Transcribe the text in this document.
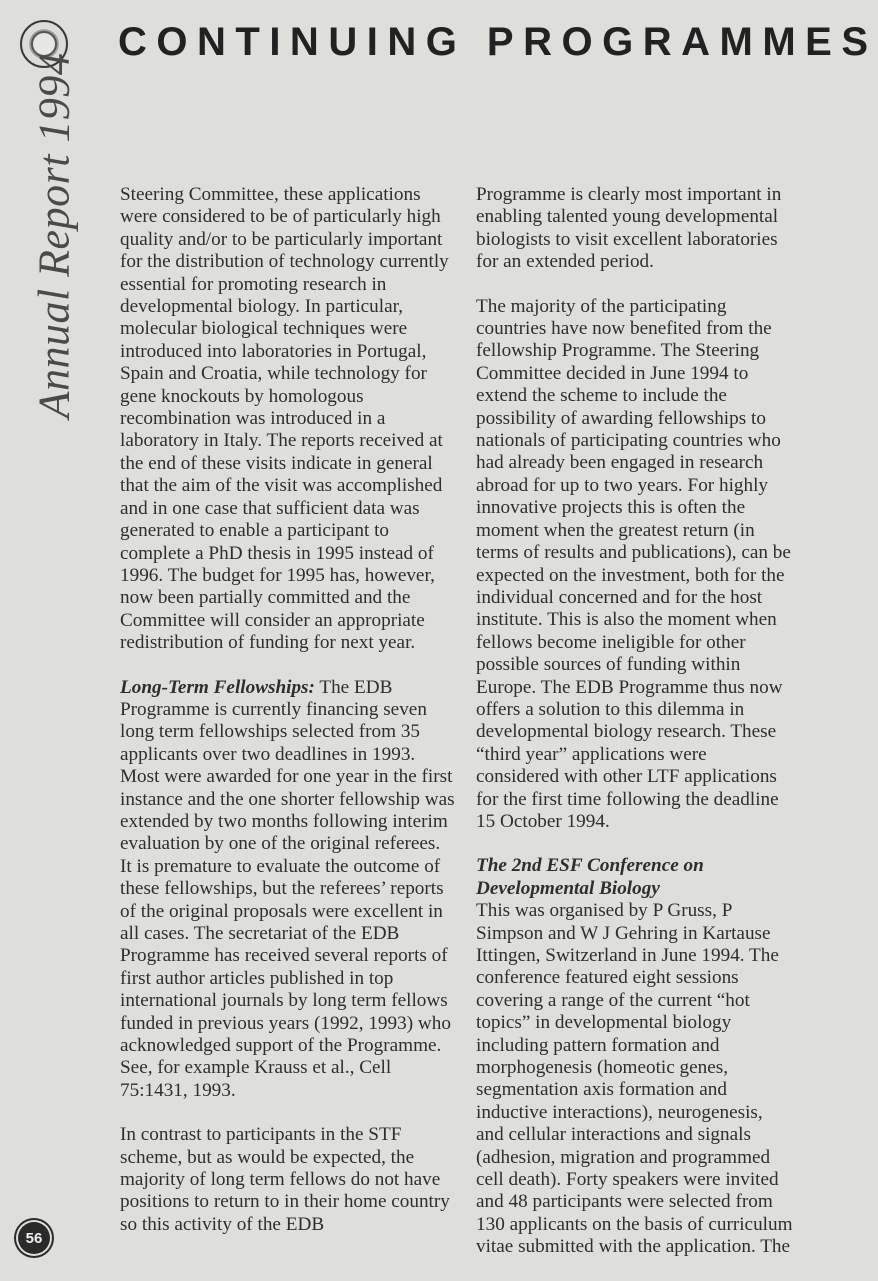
CONTINUING PROGRAMMES
Annual Report 1994
56

Steering Committee, these applications were considered to be of particularly high quality and/or to be particularly important for the distribution of technology currently essential for promoting research in developmental biology. In particular, molecular biological techniques were introduced into laboratories in Portugal, Spain and Croatia, while technology for gene knockouts by homologous recombination was introduced in a laboratory in Italy. The reports received at the end of these visits indicate in general that the aim of the visit was accomplished and in one case that sufficient data was generated to enable a participant to complete a PhD thesis in 1995 instead of 1996. The budget for 1995 has, however, now been partially committed and the Committee will consider an appropriate redistribution of funding for next year.

Long-Term Fellowships: The EDB Programme is currently financing seven long term fellowships selected from 35 applicants over two deadlines in 1993. Most were awarded for one year in the first instance and the one shorter fellowship was extended by two months following interim evaluation by one of the original referees. It is premature to evaluate the outcome of these fellowships, but the referees’ reports of the original proposals were excellent in all cases. The secretariat of the EDB Programme has received several reports of first author articles published in top international journals by long term fellows funded in previous years (1992, 1993) who acknowledged support of the Programme. See, for example Krauss et al., Cell 75:1431, 1993.

In contrast to participants in the STF scheme, but as would be expected, the majority of long term fellows do not have positions to return to in their home country so this activity of the EDB

Programme is clearly most important in enabling talented young developmental biologists to visit excellent laboratories for an extended period.

The majority of the participating countries have now benefited from the fellowship Programme. The Steering Committee decided in June 1994 to extend the scheme to include the possibility of awarding fellowships to nationals of participating countries who had already been engaged in research abroad for up to two years. For highly innovative projects this is often the moment when the greatest return (in terms of results and publications), can be expected on the investment, both for the individual concerned and for the host institute. This is also the moment when fellows become ineligible for other possible sources of funding within Europe. The EDB Programme thus now offers a solution to this dilemma in developmental biology research. These “third year” applications were considered with other LTF applications for the first time following the deadline 15 October 1994.

The 2nd ESF Conference on Developmental Biology

This was organised by P Gruss, P Simpson and W J Gehring in Kartause Ittingen, Switzerland in June 1994. The conference featured eight sessions covering a range of the current “hot topics” in developmental biology including pattern formation and morphogenesis (homeotic genes, segmentation axis formation and inductive interactions), neurogenesis, and cellular interactions and signals (adhesion, migration and programmed cell death). Forty speakers were invited and 48 participants were selected from 130 applicants on the basis of curriculum vitae submitted with the application. The
